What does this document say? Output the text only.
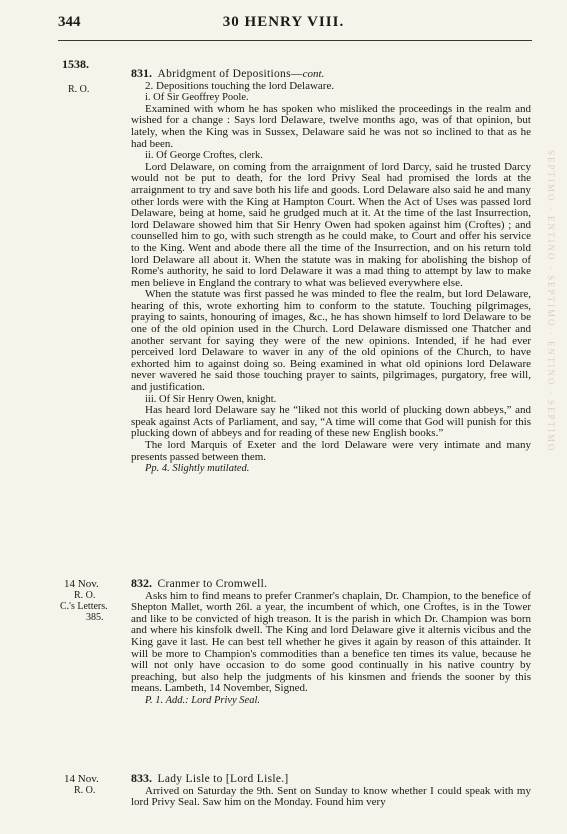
30 HENRY VIII.
344
1538.
R. O.

831. Abridgment of Depositions—cont.

2. Depositions touching the lord Delaware.

i. Of Sir Geoffrey Poole.

Examined with whom he has spoken who misliked the proceedings in the realm and wished for a change : Says lord Delaware, twelve months ago, was of that opinion, but lately, when the King was in Sussex, Delaware said he was not so inclined to that as he had been.

ii. Of George Croftes, clerk.

Lord Delaware, on coming from the arraignment of lord Darcy, said he trusted Darcy would not be put to death, for the lord Privy Seal had promised the lords at the arraignment to try and save both his life and goods. Lord Delaware also said he and many other lords were with the King at Hampton Court. When the Act of Uses was passed lord Delaware, being at home, said he grudged much at it. At the time of the last Insurrection, lord Delaware showed him that Sir Henry Owen had spoken against him (Croftes) ; and counselled him to go, with such strength as he could make, to Court and offer his service to the King. Went and abode there all the time of the Insurrection, and on his return told lord Delaware all about it. When the statute was in making for abolishing the bishop of Rome's authority, he said to lord Delaware it was a mad thing to attempt by law to make men believe in England the contrary to what was believed everywhere else.

When the statute was first passed he was minded to flee the realm, but lord Delaware, hearing of this, wrote exhorting him to conform to the statute. Touching pilgrimages, praying to saints, honouring of images, &c., he has shown himself to lord Delaware to be one of the old opinion used in the Church. Lord Delaware dismissed one Thatcher and another servant for saying they were of the new opinions. Intended, if he had ever perceived lord Delaware to waver in any of the old opinions of the Church, to have exhorted him to against doing so. Being examined in what old opinions lord Delaware never wavered he said those touching prayer to saints, pilgrimages, purgatory, free will, and justification.

iii. Of Sir Henry Owen, knight.

Has heard lord Delaware say he “liked not this world of plucking down abbeys,” and speak against Acts of Parliament, and say, “A time will come that God will punish for this plucking down of abbeys and for reading of these new English books.”

The lord Marquis of Exeter and the lord Delaware were very intimate and many presents passed between them.

Pp. 4. Slightly mutilated.

14 Nov.
R. O.
C.'s Letters.
385.

832. Cranmer to Cromwell.

Asks him to find means to prefer Cranmer's chaplain, Dr. Champion, to the benefice of Shepton Mallet, worth 26l. a year, the incumbent of which, one Croftes, is in the Tower and like to be convicted of high treason. It is the parish in which Dr. Champion was born and where his kinsfolk dwell. The King and lord Delaware give it alternis vicibus and the King gave it last. He can best tell whether he gives it again by reason of this attainder. It will be more to Champion's commodities than a benefice ten times its value, because he will not only have occasion to do some good continually in his native country by preaching, but also help the judgments of his kinsmen and friends the sooner by this means. Lambeth, 14 November, Signed.

P. 1. Add.: Lord Privy Seal.

14 Nov.
R. O.

833. Lady Lisle to [Lord Lisle.]

Arrived on Saturday the 9th. Sent on Sunday to know whether I could speak with my lord Privy Seal. Saw him on the Monday. Found him very

SEPTIMO · ENTINO · SEPTIMO · ENTINO · SEPTIMO
